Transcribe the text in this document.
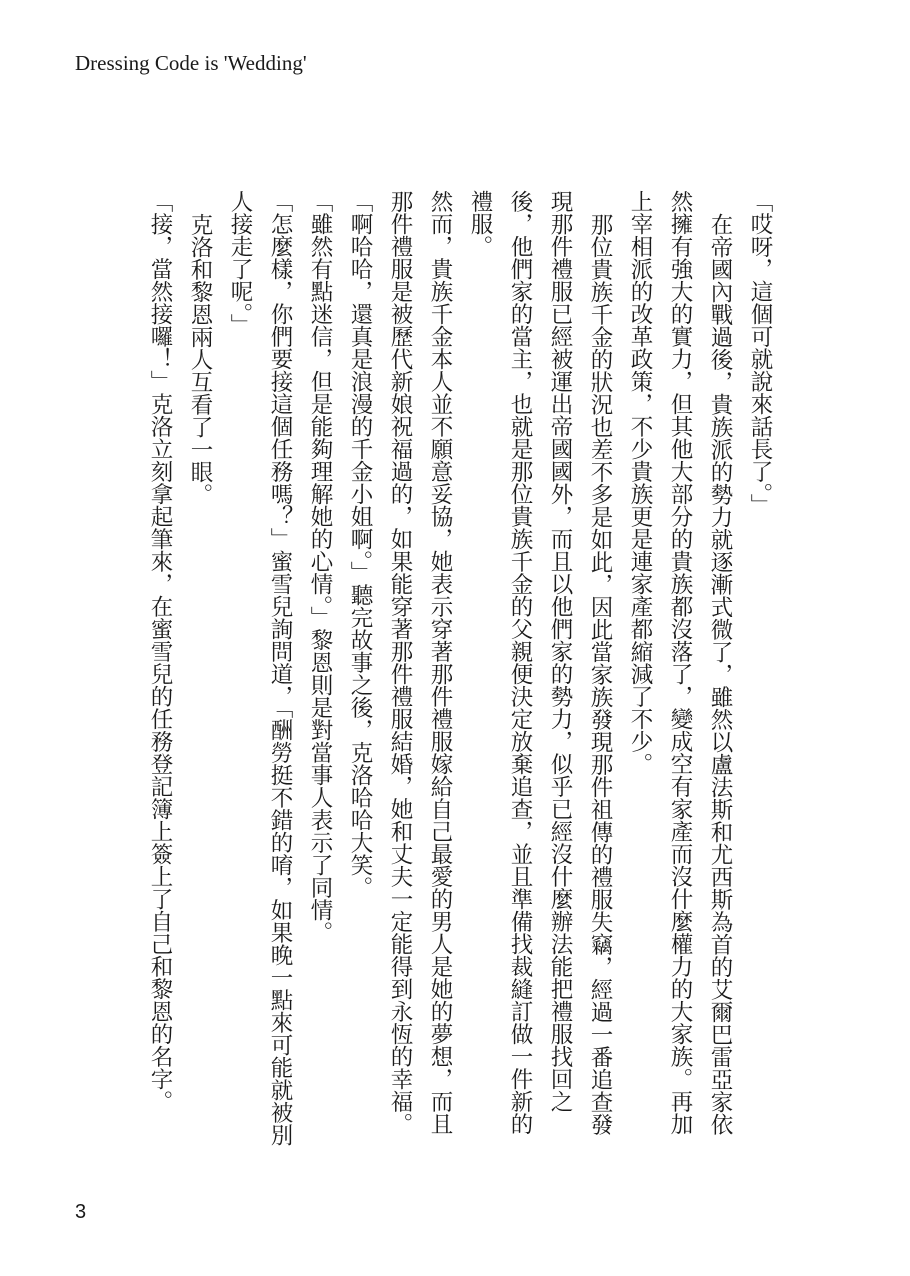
Dressing Code is 'Wedding'

「哎呀，這個可就說來話長了。」

在帝國內戰過後，貴族派的勢力就逐漸式微了，雖然以盧法斯和尤西斯為首的艾爾巴雷亞家依然擁有強大的實力，但其他大部分的貴族都沒落了，變成空有家產而沒什麼權力的大家族。再加上宰相派的改革政策，不少貴族更是連家產都縮減了不少。

那位貴族千金的狀況也差不多是如此，因此當家族發現那件祖傳的禮服失竊，經過一番追查發現那件禮服已經被運出帝國國外，而且以他們家的勢力，似乎已經沒什麼辦法能把禮服找回之後，他們家的當主，也就是那位貴族千金的父親便決定放棄追查，並且準備找裁縫訂做一件新的禮服。

然而，貴族千金本人並不願意妥協，她表示穿著那件禮服嫁給自己最愛的男人是她的夢想，而且那件禮服是被歷代新娘祝福過的，如果能穿著那件禮服結婚，她和丈夫一定能得到永恆的幸福。

「啊哈哈，還真是浪漫的千金小姐啊。」聽完故事之後，克洛哈哈大笑。

「雖然有點迷信，但是能夠理解她的心情。」黎恩則是對當事人表示了同情。

「怎麼樣，你們要接這個任務嗎？」蜜雪兒詢問道，「酬勞挺不錯的唷，如果晚一點來可能就被別人接走了呢。」

克洛和黎恩兩人互看了一眼。

「接，當然接囉！」克洛立刻拿起筆來，在蜜雪兒的任務登記簿上簽上了自己和黎恩的名字。

3
